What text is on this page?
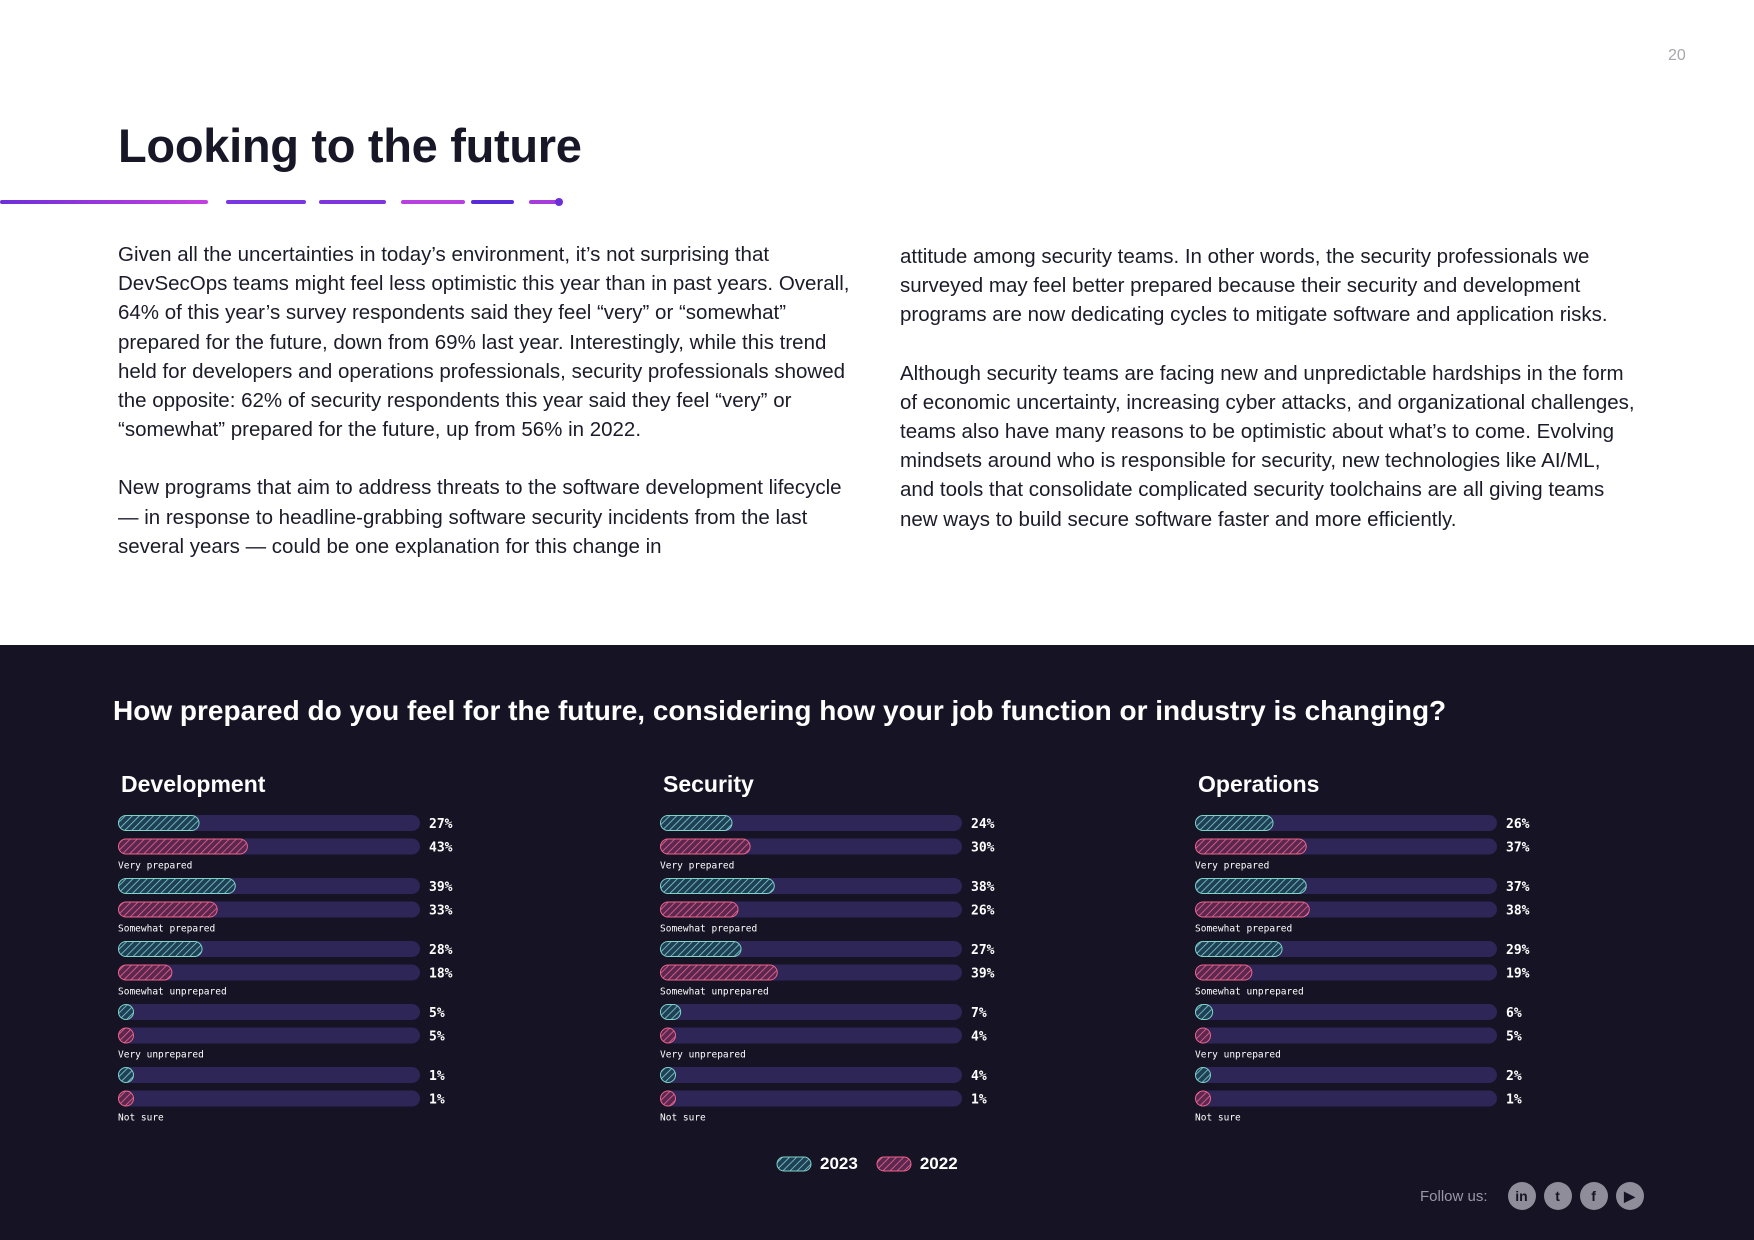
20
Looking to the future

Given all the uncertainties in today’s environment, it’s not surprising that DevSecOps teams might feel less optimistic this year than in past years. Overall, 64% of this year’s survey respondents said they feel “very” or “somewhat” prepared for the future, down from 69% last year. Interestingly, while this trend held for developers and operations professionals, security professionals showed the opposite: 62% of security respondents this year said they feel “very” or “somewhat” prepared for the future, up from 56% in 2022.

New programs that aim to address threats to the software development lifecycle — in response to headline-grabbing software security incidents from the last several years — could be one explanation for this change in

attitude among security teams. In other words, the security professionals we surveyed may feel better prepared because their security and development programs are now dedicating cycles to mitigate software and application risks.

Although security teams are facing new and unpredictable hardships in the form of economic uncertainty, increasing cyber attacks, and organizational challenges, teams also have many reasons to be optimistic about what’s to come. Evolving mindsets around who is responsible for security, new technologies like AI/ML, and tools that consolidate complicated security toolchains are all giving teams new ways to build secure software faster and more efficiently.

How prepared do you feel for the future, considering how your job function or industry is changing?
Development
27%
43%
Very prepared
39%
33%
Somewhat prepared
28%
18%
Somewhat unprepared
5%
5%
Very unprepared
1%
1%
Not sure
Security
24%
30%
Very prepared
38%
26%
Somewhat prepared
27%
39%
Somewhat unprepared
7%
4%
Very unprepared
4%
1%
Not sure
Operations
26%
37%
Very prepared
37%
38%
Somewhat prepared
29%
19%
Somewhat unprepared
6%
5%
Very unprepared
2%
1%
Not sure
2023	2022
Follow us:	in	t	f	▶
